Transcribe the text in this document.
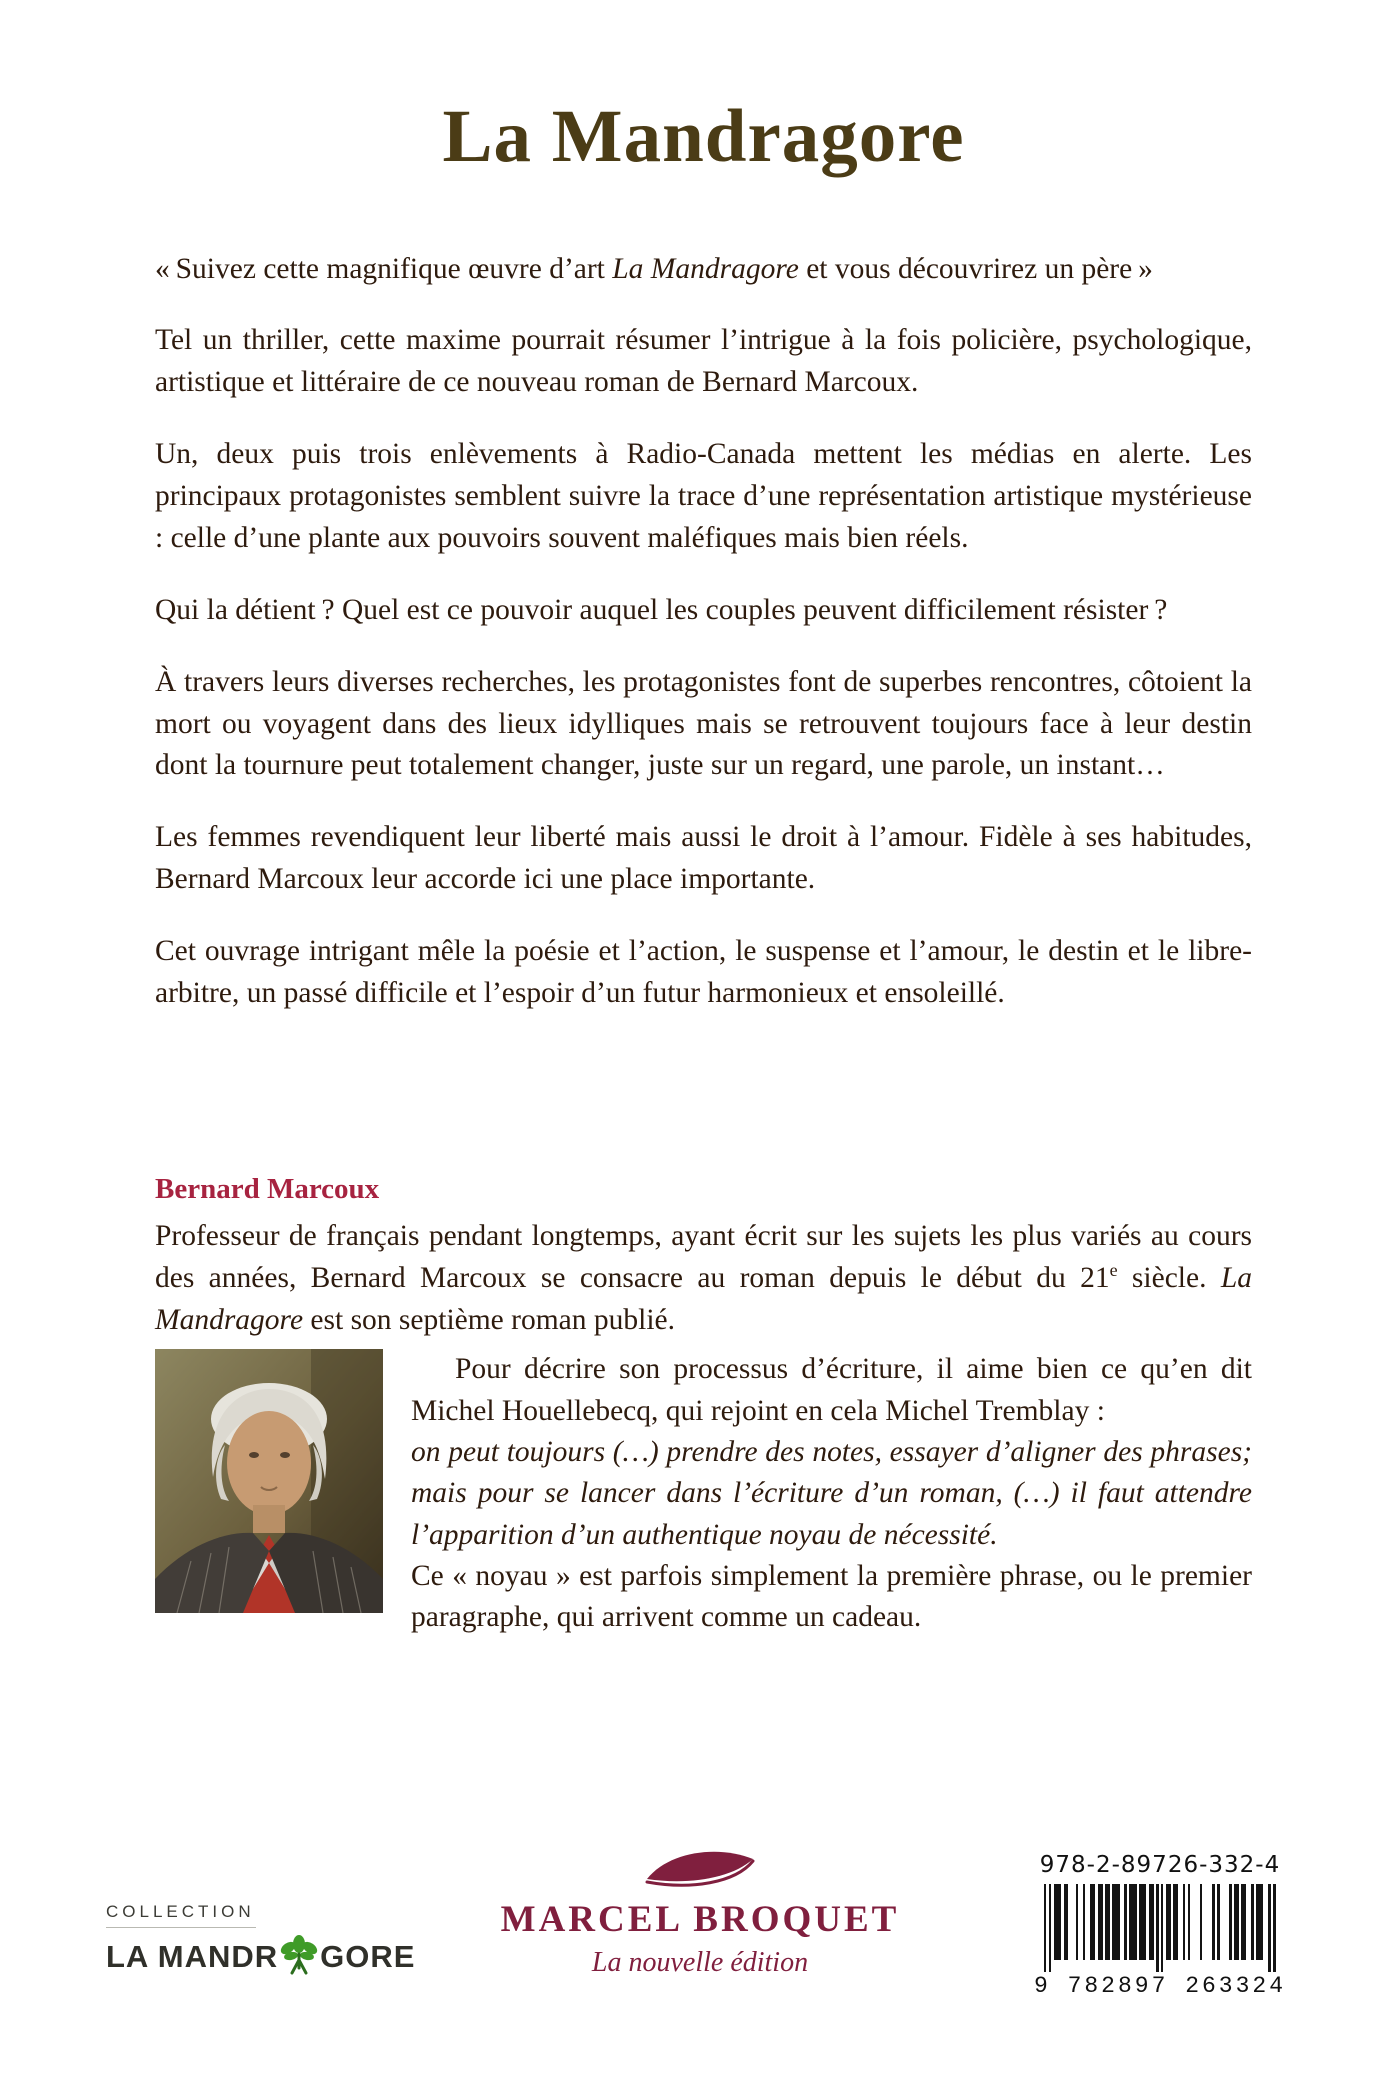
La Mandragore

« Suivez cette magnifique œuvre d’art La Mandragore et vous découvrirez un père »

Tel un thriller, cette maxime pourrait résumer l’intrigue à la fois policière, psychologique, artistique et littéraire de ce nouveau roman de Bernard Marcoux.

Un, deux puis trois enlèvements à Radio-Canada mettent les médias en alerte. Les principaux protagonistes semblent suivre la trace d’une représentation artistique mystérieuse : celle d’une plante aux pouvoirs souvent maléfiques mais bien réels.

Qui la détient ? Quel est ce pouvoir auquel les couples peuvent difficilement résister ?

À travers leurs diverses recherches, les protagonistes font de superbes rencontres, côtoient la mort ou voyagent dans des lieux idylliques mais se retrouvent toujours face à leur destin dont la tournure peut totalement changer, juste sur un regard, une parole, un instant…

Les femmes revendiquent leur liberté mais aussi le droit à l’amour. Fidèle à ses habitudes, Bernard Marcoux leur accorde ici une place importante.

Cet ouvrage intrigant mêle la poésie et l’action, le suspense et l’amour, le destin et le libre-arbitre, un passé difficile et l’espoir d’un futur harmonieux et ensoleillé.

Bernard Marcoux

Professeur de français pendant longtemps, ayant écrit sur les sujets les plus variés au cours des années, Bernard Marcoux se consacre au roman depuis le début du 21e siècle. La Mandragore est son septième roman publié.

Pour décrire son processus d’écriture, il aime bien ce qu’en dit Michel Houellebecq, qui rejoint en cela Michel Tremblay :
on peut toujours (…) prendre des notes, essayer d’aligner des phrases; mais pour se lancer dans l’écriture d’un roman, (…) il faut attendre l’apparition d’un authentique noyau de nécessité.
Ce « noyau » est parfois simplement la première phrase, ou le premier paragraphe, qui arrivent comme un cadeau.
COLLECTION
LA MANDR GORE
MARCEL BROQUET
La nouvelle édition
978-2-89726-332-4
9 782897 263324
